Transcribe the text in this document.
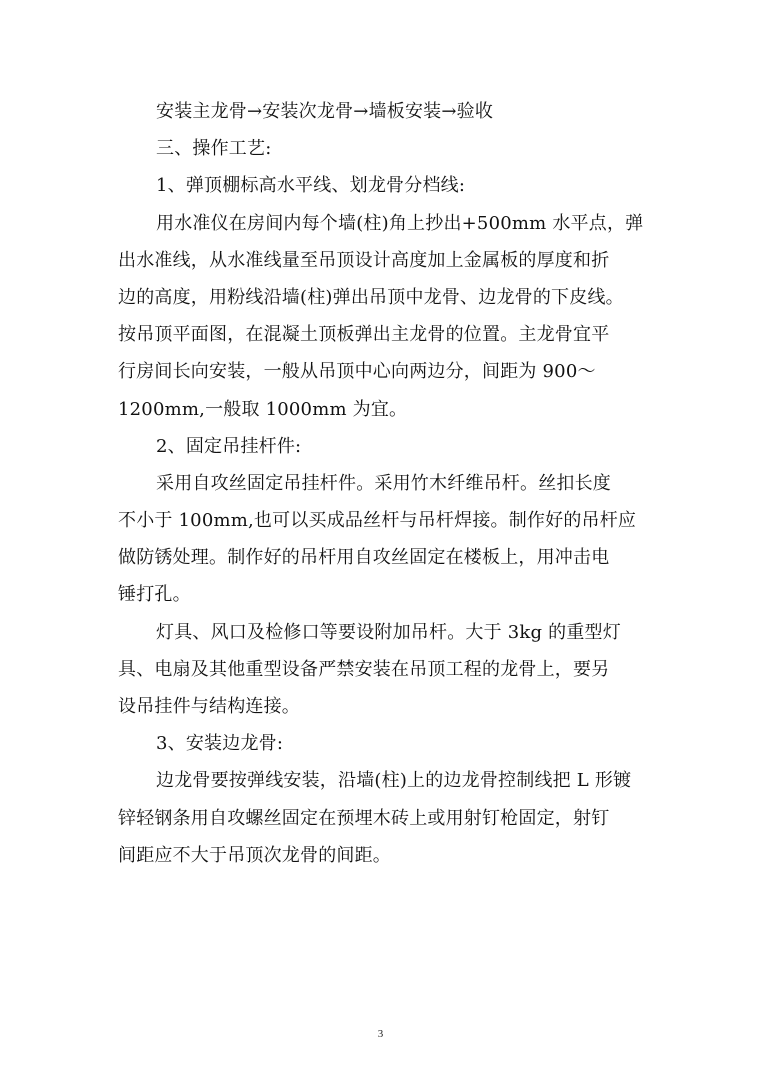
安装主龙骨→安装次龙骨→墙板安装→验收
三、操作工艺:
1、弹顶棚标高水平线、划龙骨分档线:
用水准仪在房间内每个墙(柱)角上抄出+500mm 水平点，弹
出水准线，从水准线量至吊顶设计高度加上金属板的厚度和折
边的高度，用粉线沿墙(柱)弹出吊顶中龙骨、边龙骨的下皮线。
按吊顶平面图，在混凝土顶板弹出主龙骨的位置。主龙骨宜平
行房间长向安装，一般从吊顶中心向两边分，间距为 900～
1200mm,一般取 1000mm 为宜。
2、固定吊挂杆件:
采用自攻丝固定吊挂杆件。采用竹木纤维吊杆。丝扣长度
不小于 100mm,也可以买成品丝杆与吊杆焊接。制作好的吊杆应
做防锈处理。制作好的吊杆用自攻丝固定在楼板上，用冲击电
锤打孔。
灯具、风口及检修口等要设附加吊杆。大于 3kg 的重型灯
具、电扇及其他重型设备严禁安装在吊顶工程的龙骨上，要另
设吊挂件与结构连接。
3、安装边龙骨:
边龙骨要按弹线安装，沿墙(柱)上的边龙骨控制线把 L 形镀
锌轻钢条用自攻螺丝固定在预埋木砖上或用射钉枪固定，射钉
间距应不大于吊顶次龙骨的间距。
3
